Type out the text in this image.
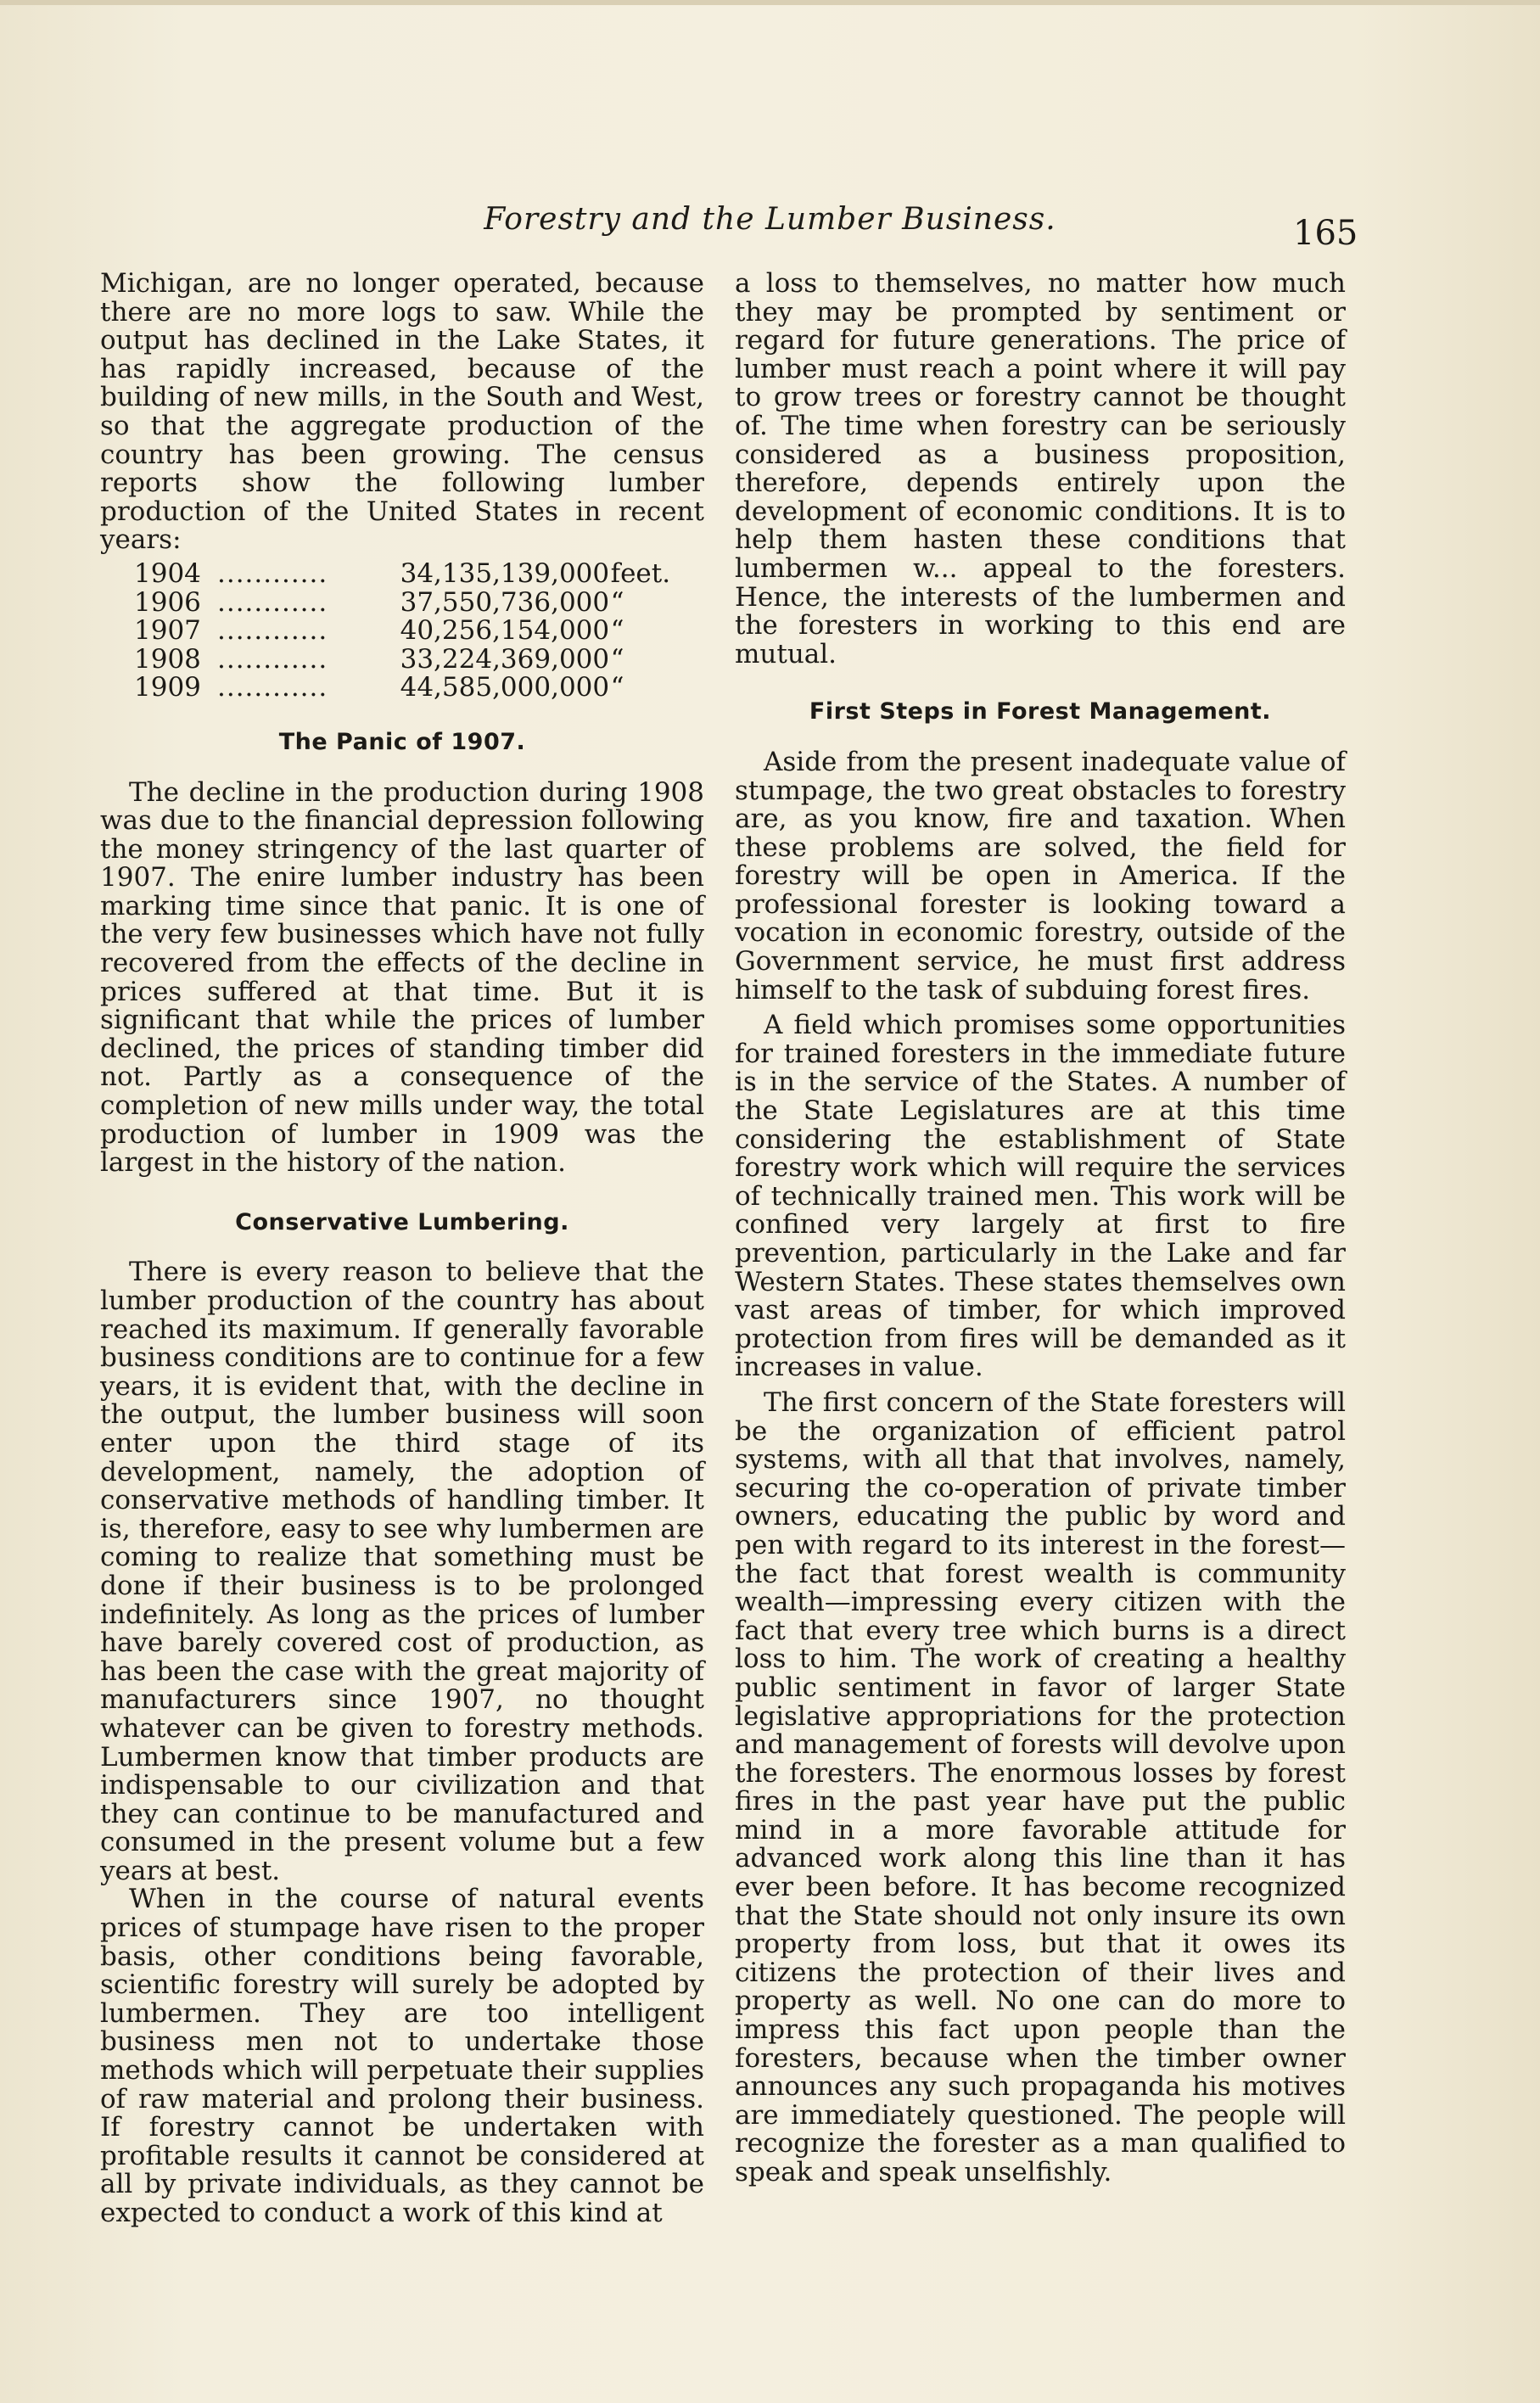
Forestry and the Lumber Business.	165

Michigan, are no longer operated, because there are no more logs to saw. While the output has declined in the Lake States, it has rapidly increased, because of the building of new mills, in the South and West, so that the aggregate production of the country has been growing. The census reports show the following lumber production of the United States in recent years:

1904 ............	34,135,139,000 feet.
1906 ............	37,550,736,000 “
1907 ............	40,256,154,000 “
1908 ............	33,224,369,000 “
1909 ............	44,585,000,000 “
The Panic of 1907.

The decline in the production during 1908 was due to the financial depression following the money stringency of the last quarter of 1907. The enire lumber industry has been marking time since that panic. It is one of the very few businesses which have not fully recovered from the effects of the decline in prices suffered at that time. But it is significant that while the prices of lumber declined, the prices of standing timber did not. Partly as a consequence of the completion of new mills under way, the total production of lumber in 1909 was the largest in the history of the nation.

Conservative Lumbering.

There is every reason to believe that the lumber production of the country has about reached its maximum. If generally favorable business conditions are to continue for a few years, it is evident that, with the decline in the output, the lumber business will soon enter upon the third stage of its development, namely, the adoption of conservative methods of handling timber. It is, therefore, easy to see why lumbermen are coming to realize that something must be done if their business is to be prolonged indefinitely. As long as the prices of lumber have barely covered cost of production, as has been the case with the great majority of manufacturers since 1907, no thought whatever can be given to forestry methods. Lumbermen know that timber products are indispensable to our civilization and that they can continue to be manufactured and consumed in the present volume but a few years at best.

When in the course of natural events prices of stumpage have risen to the proper basis, other conditions being favorable, scientific forestry will surely be adopted by lumbermen. They are too intelligent business men not to undertake those methods which will perpetuate their supplies of raw material and prolong their business. If forestry cannot be undertaken with profitable results it cannot be considered at all by private individuals, as they cannot be expected to conduct a work of this kind at

a loss to themselves, no matter how much they may be prompted by sentiment or regard for future generations. The price of lumber must reach a point where it will pay to grow trees or forestry cannot be thought of. The time when forestry can be seriously considered as a business proposition, therefore, depends entirely upon the development of economic conditions. It is to help them hasten these conditions that lumbermen w... appeal to the foresters. Hence, the interests of the lumbermen and the foresters in working to this end are mutual.

First Steps in Forest Management.

Aside from the present inadequate value of stumpage, the two great obstacles to forestry are, as you know, fire and taxation. When these problems are solved, the field for forestry will be open in America. If the professional forester is looking toward a vocation in economic forestry, outside of the Government service, he must first address himself to the task of subduing forest fires.

A field which promises some opportunities for trained foresters in the immediate future is in the service of the States. A number of the State Legislatures are at this time considering the establishment of State forestry work which will require the services of technically trained men. This work will be confined very largely at first to fire prevention, particularly in the Lake and far Western States. These states themselves own vast areas of timber, for which improved protection from fires will be demanded as it increases in value.

The first concern of the State foresters will be the organization of efficient patrol systems, with all that that involves, namely, securing the co-operation of private timber owners, educating the public by word and pen with regard to its interest in the forest—the fact that forest wealth is community wealth—impressing every citizen with the fact that every tree which burns is a direct loss to him. The work of creating a healthy public sentiment in favor of larger State legislative appropriations for the protection and management of forests will devolve upon the foresters. The enormous losses by forest fires in the past year have put the public mind in a more favorable attitude for advanced work along this line than it has ever been before. It has become recognized that the State should not only insure its own property from loss, but that it owes its citizens the protection of their lives and property as well. No one can do more to impress this fact upon people than the foresters, because when the timber owner announces any such propaganda his motives are immediately questioned. The people will recognize the forester as a man qualified to speak and speak unselfishly.
